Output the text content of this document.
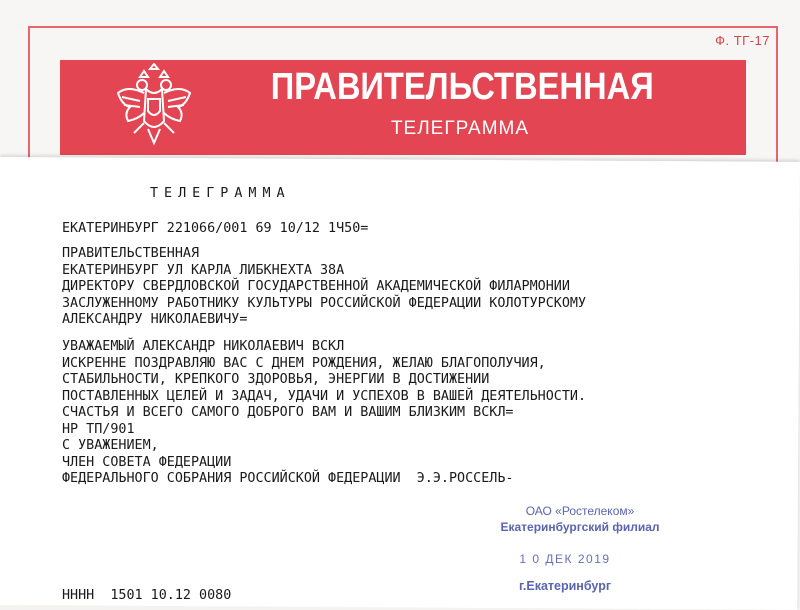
Ф. ТГ-17
ПРАВИТЕЛЬСТВЕННАЯ
ТЕЛЕГРАММА
ТЕЛЕГРАММА
ЕКАТЕРИНБУРГ 221066/001 69 10/12 1Ч50=
ПРАВИТЕЛЬСТВЕННАЯ
ЕКАТЕРИНБУРГ УЛ КАРЛА ЛИБКНЕХТА 38А
ДИРЕКТОРУ СВЕРДЛОВСКОЙ ГОСУДАРСТВЕННОЙ АКАДЕМИЧЕСКОЙ ФИЛАРМОНИИ
ЗАСЛУЖЕННОМУ РАБОТНИКУ КУЛЬТУРЫ РОССИЙСКОЙ ФЕДЕРАЦИИ КОЛОТУРСКОМУ
АЛЕКСАНДРУ НИКОЛАЕВИЧУ=
УВАЖАЕМЫЙ АЛЕКСАНДР НИКОЛАЕВИЧ ВСКЛ
ИСКРЕННЕ ПОЗДРАВЛЯЮ ВАС С ДНЕМ РОЖДЕНИЯ, ЖЕЛАЮ БЛАГОПОЛУЧИЯ,
СТАБИЛЬНОСТИ, КРЕПКОГО ЗДОРОВЬЯ, ЭНЕРГИИ В ДОСТИЖЕНИИ
ПОСТАВЛЕННЫХ ЦЕЛЕЙ И ЗАДАЧ, УДАЧИ И УСПЕХОВ В ВАШЕЙ ДЕЯТЕЛЬНОСТИ.
СЧАСТЬЯ И ВСЕГО САМОГО ДОБРОГО ВАМ И ВАШИМ БЛИЗКИМ ВСКЛ=
НР ТП/901
С УВАЖЕНИЕМ,
ЧЛЕН СОВЕТА ФЕДЕРАЦИИ
ФЕДЕРАЛЬНОГО СОБРАНИЯ РОССИЙСКОЙ ФЕДЕРАЦИИ  Э.Э.РОССЕЛЬ-
НННН  1501 10.12 0080
ОАО «Ростелеком»
Екатеринбургский филиал
1 0 ДЕК 2019
г.Екатеринбург
